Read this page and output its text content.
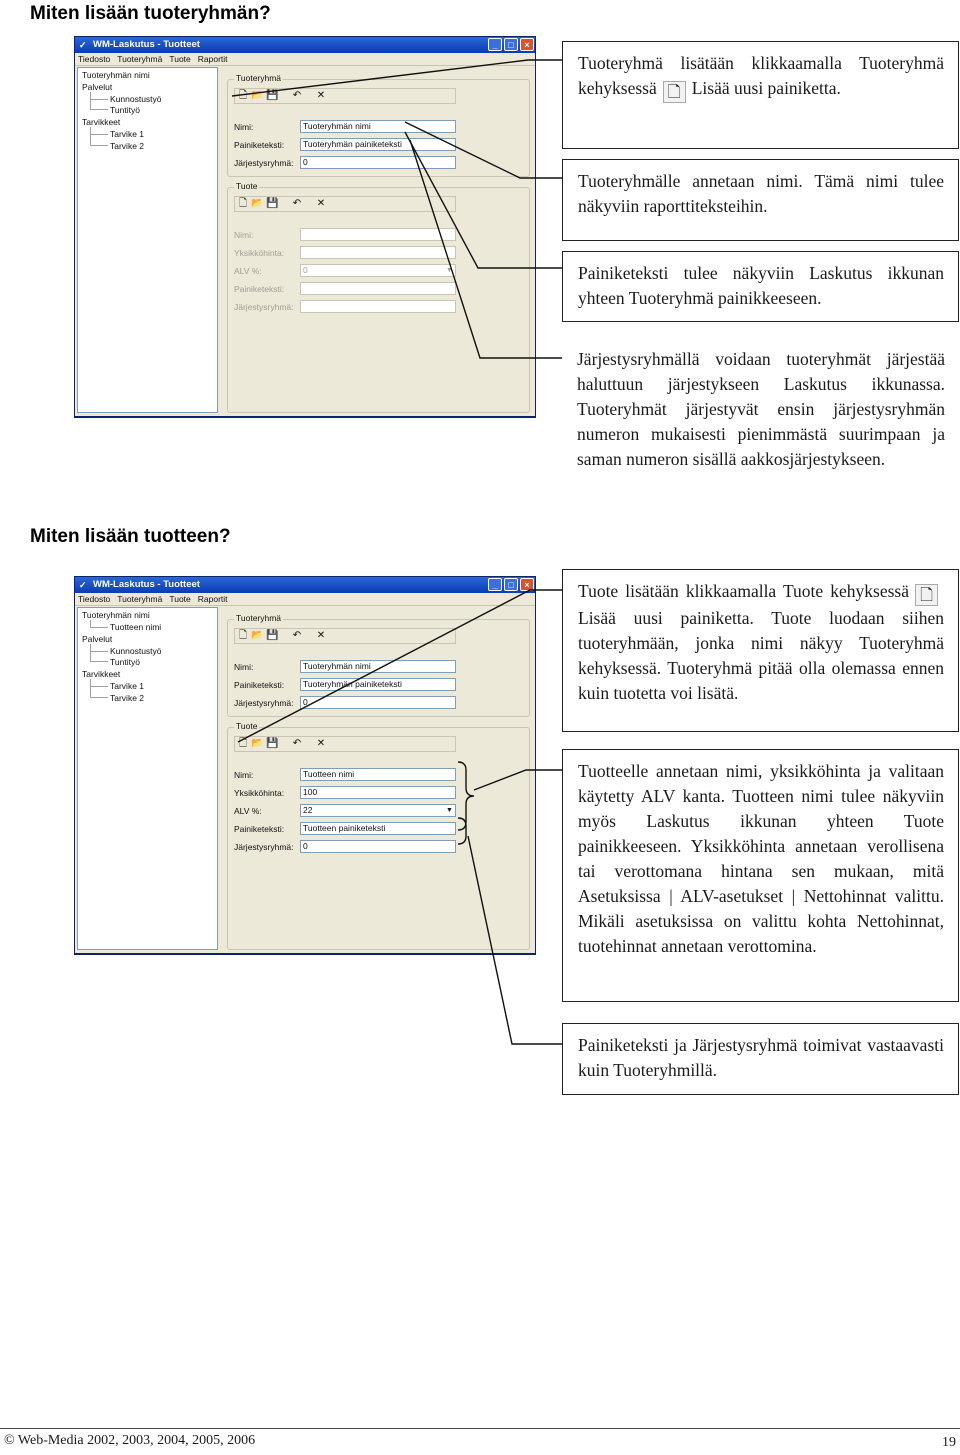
Miten lisään tuoteryhmän?
Miten lisään tuotteen?
✓ WM-Laskutus - Tuotteet	_	□	×
Tiedosto Tuoteryhmä Tuote Raportit
Tuoteryhmän nimi
Palvelut
Kunnostustyö
Tuntityö
Tarvikkeet
Tarvike 1
Tarvike 2
Tuoteryhmä
🗋 📂 💾 ↶ ✕
Nimi:	Tuoteryhmän nimi
Painiketeksti:	Tuoteryhmän painiketeksti
Järjestysryhmä:	0
Tuote
🗋 📂 💾 ↶ ✕
Nimi:
Yksikköhinta:
ALV %:	0	▼
Painiketeksti:
Järjestysryhmä:
✓ WM-Laskutus - Tuotteet	_	□	×
Tiedosto Tuoteryhmä Tuote Raportit
Tuoteryhmän nimi
Tuotteen nimi
Palvelut
Kunnostustyö
Tuntityö
Tarvikkeet
Tarvike 1
Tarvike 2
Tuoteryhmä
🗋 📂 💾 ↶ ✕
Nimi:	Tuoteryhmän nimi
Painiketeksti:	Tuoteryhmän painiketeksti
Järjestysryhmä:	0
Tuote
🗋 📂 💾 ↶ ✕
Nimi:	Tuotteen nimi
Yksikköhinta:	100
ALV %:	22	▼
Painiketeksti:	Tuotteen painiketeksti
Järjestysryhmä:	0
Tuoteryhmä lisätään klikkaamalla Tuoteryhmä kehyksessä 🗋 Lisää uusi painiketta.
Tuoteryhmälle annetaan nimi. Tämä nimi tulee näkyviin raporttiteksteihin.
Painiketeksti tulee näkyviin Laskutus ikkunan yhteen Tuoteryhmä painikkeeseen.
Järjestysryhmällä voidaan tuoteryhmät järjestää haluttuun järjestykseen Laskutus ikkunassa. Tuoteryhmät järjestyvät ensin järjestysryhmän numeron mukaisesti pienimmästä suurimpaan ja saman numeron sisällä aakkosjärjestykseen.
Tuote lisätään klikkaamalla Tuote kehyksessä 🗋Lisää uusi painiketta. Tuote luodaan siihen tuoteryhmään, jonka nimi näkyy Tuoteryhmä kehyksessä. Tuoteryhmä pitää olla olemassa ennen kuin tuotetta voi lisätä.
Tuotteelle annetaan nimi, yksikköhinta ja valitaan käytetty ALV kanta. Tuotteen nimi tulee näkyviin myös Laskutus ikkunan yhteen Tuote painikkeeseen. Yksikköhinta annetaan verollisena tai verottomana hintana sen mukaan, mitä Asetuksissa | ALV-asetukset | Nettohinnat valittu. Mikäli asetuksissa on valittu kohta Nettohinnat, tuotehinnat annetaan verottomina.
Painiketeksti ja Järjestysryhmä toimivat vastaavasti kuin Tuoteryhmillä.
© Web-Media 2002, 2003, 2004, 2005, 2006	19
